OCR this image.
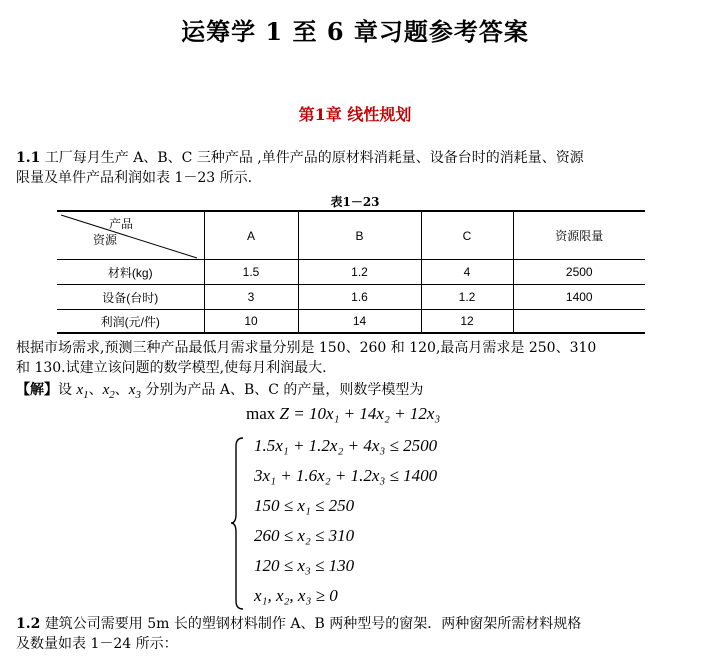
运筹学 1 至 6 章习题参考答案
第1章 线性规划
1.1 工厂每月生产 A、B、C 三种产品 ,单件产品的原材料消耗量、设备台时的消耗量、资源
限量及单件产品利润如表 1－23 所示.
表1－23
产品
资源	A	B	C	资源限量
材料(kg)	1.5	1.2	4	2500
设备(台时)	3	1.6	1.2	1400
利润(元/件)	10	14	12	
根据市场需求,预测三种产品最低月需求量分别是 150、260 和 120,最高月需求是 250、310
和 130.试建立该问题的数学模型,使每月利润最大.
【解】设 $x_1$、$x_2$、$x_3$ 分别为产品 A、B、C 的产量，则数学模型为
max Z = 10x₁ + 14x₂ + 12x₃
1.5x₁ + 1.2x₂ + 4x₃ ≤ 2500
3x₁ + 1.6x₂ + 1.2x₃ ≤ 1400
150 ≤ x₁ ≤ 250
260 ≤ x₂ ≤ 310
120 ≤ x₃ ≤ 130
x₁, x₂, x₃ ≥ 0
1.2 建筑公司需要用 5m 长的塑钢材料制作 A、B 两种型号的窗架．两种窗架所需材料规格
及数量如表 1－24 所示：
